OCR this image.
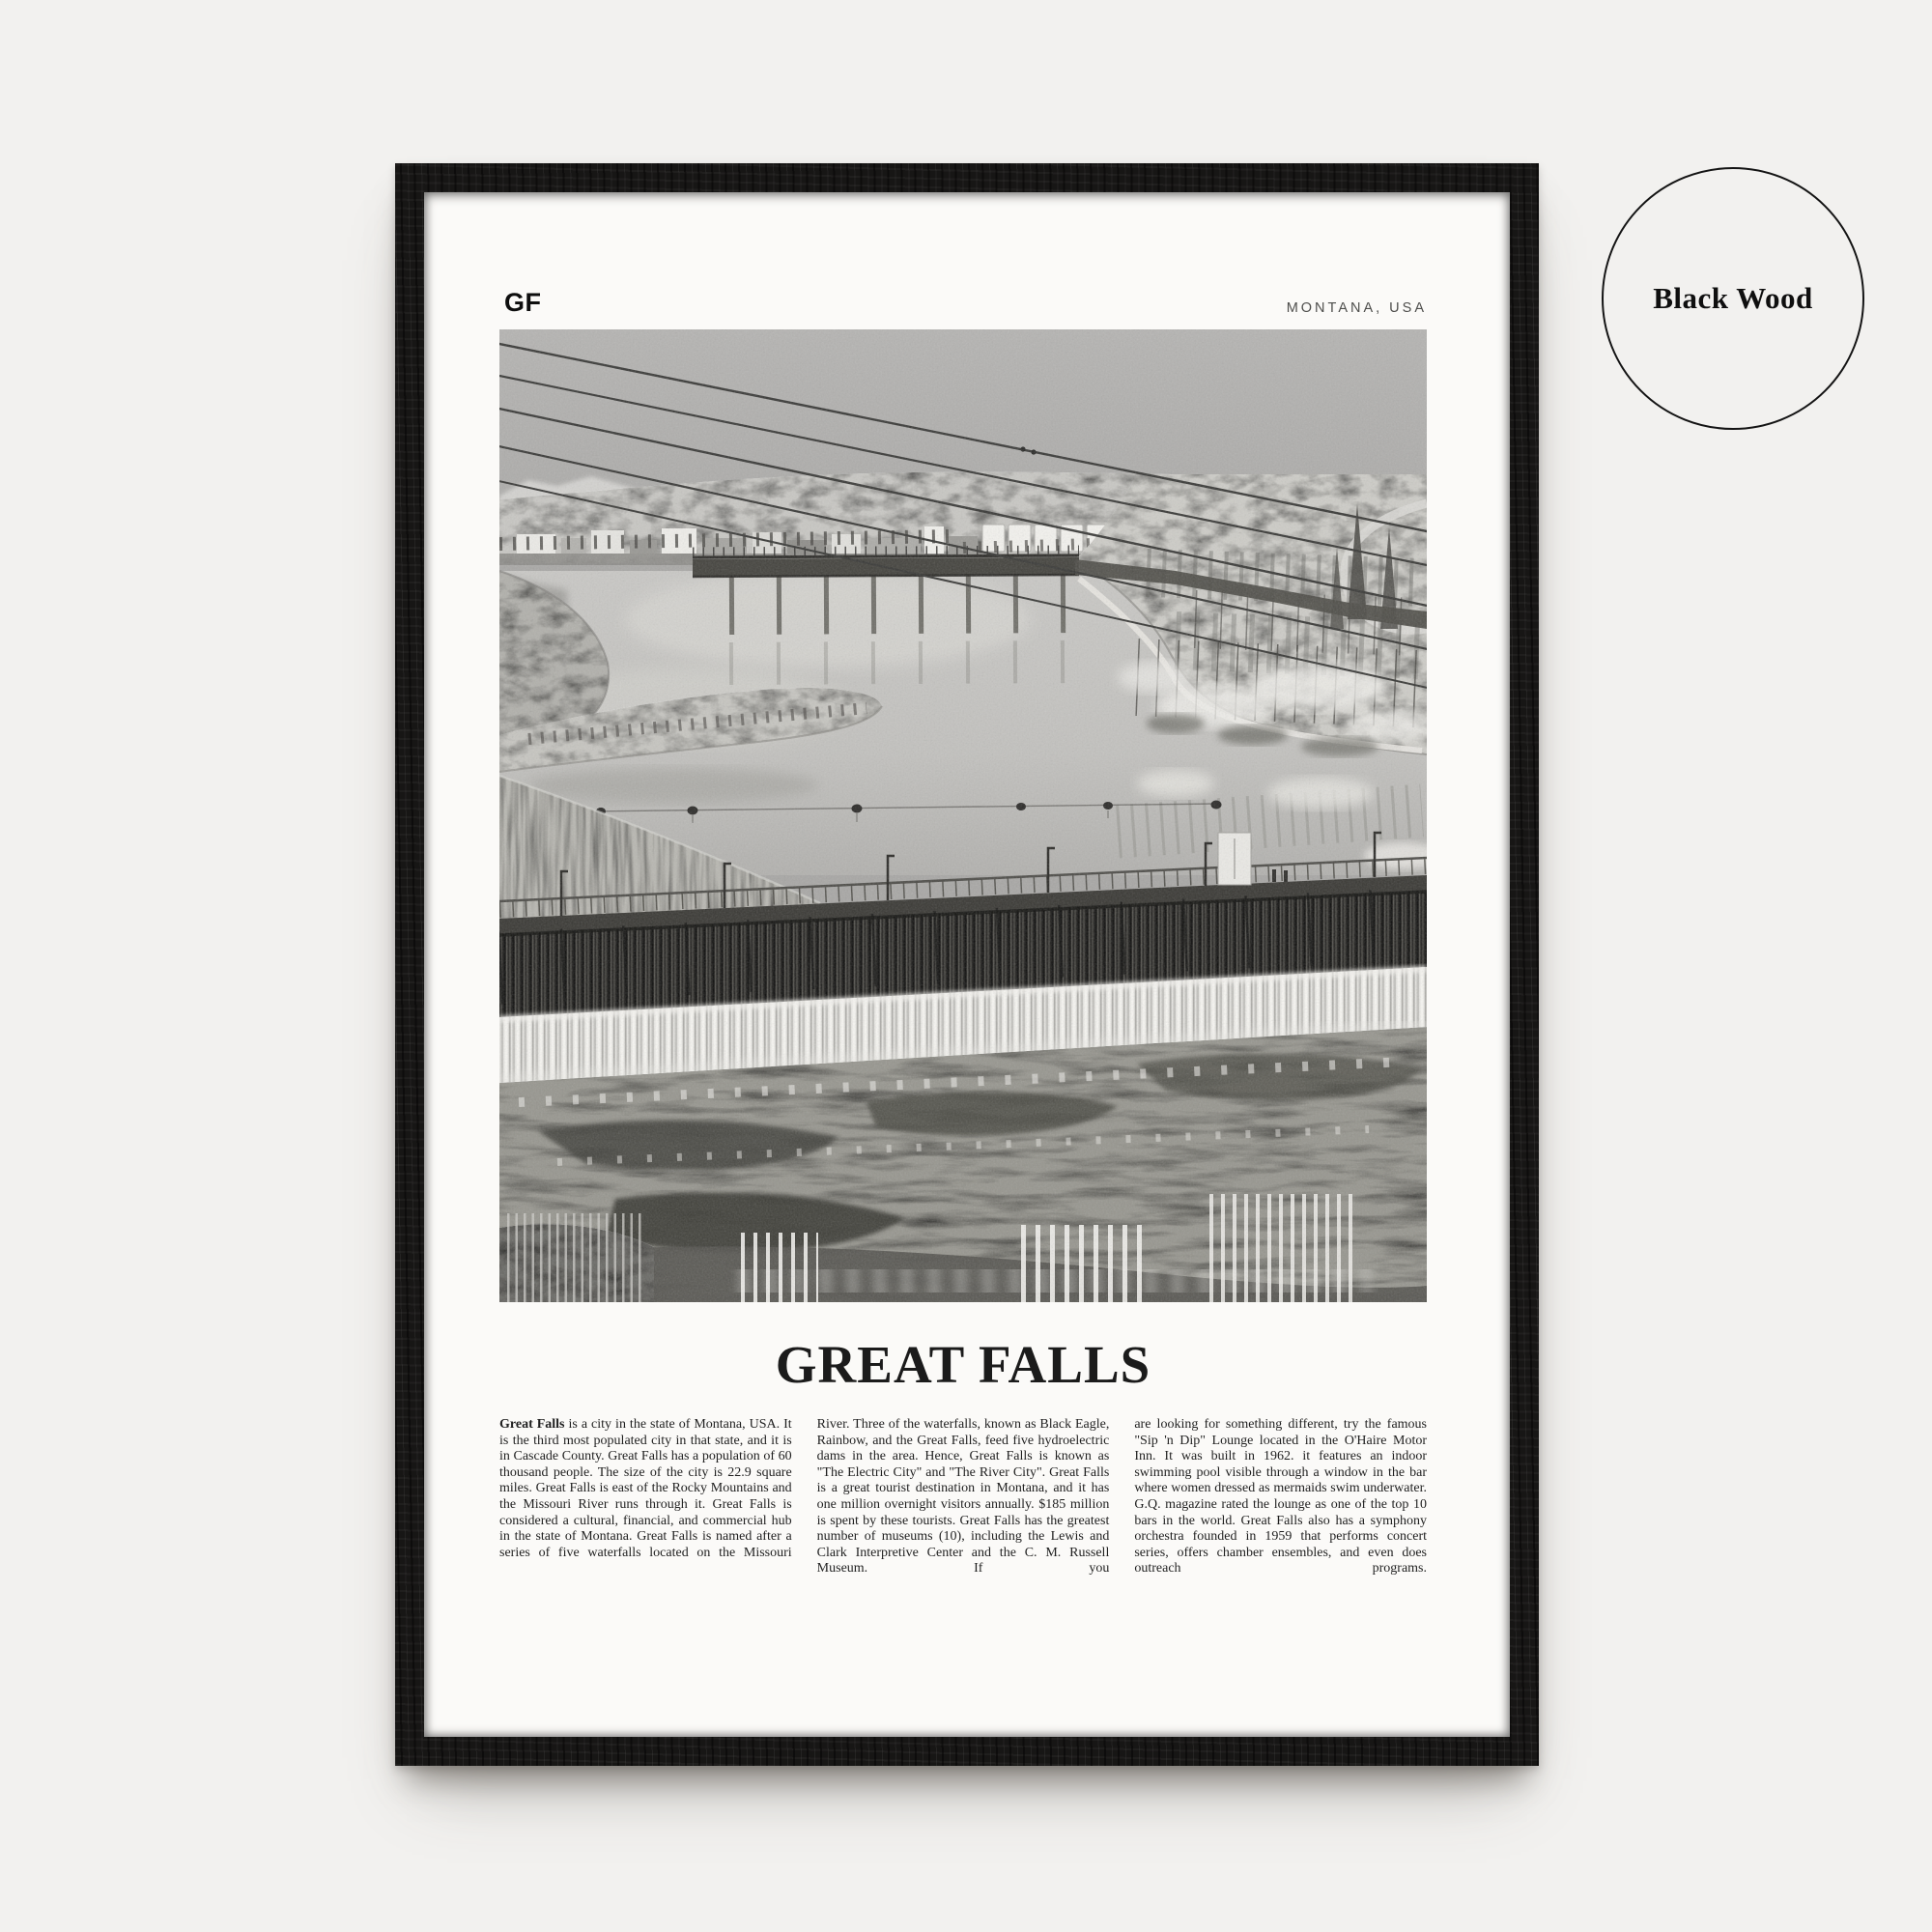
GF	MONTANA, USA
GREAT FALLS

Great Falls is a city in the state of Montana, USA. It is the third most populated city in that state, and it is in Cascade County. Great Falls has a population of 60 thousand people. The size of the city is 22.9 square miles. Great Falls is east of the Rocky Mountains and the Missouri River runs through it. Great Falls is considered a cultural, financial, and commercial hub in the state of Montana. Great Falls is named after a series of five waterfalls located on the Missouri

River. Three of the waterfalls, known as Black Eagle, Rainbow, and the Great Falls, feed five hydroelectric dams in the area. Hence, Great Falls is known as "The Electric City" and "The River City". Great Falls is a great tourist destination in Montana, and it has one million overnight visitors annually. $185 million is spent by these tourists. Great Falls has the greatest number of museums (10), including the Lewis and Clark Interpretive Center and the C. M. Russell Museum. If you

are looking for something different, try the famous "Sip 'n Dip" Lounge located in the O'Haire Motor Inn. It was built in 1962. it features an indoor swimming pool visible through a window in the bar where women dressed as mermaids swim underwater. G.Q. magazine rated the lounge as one of the top 10 bars in the world. Great Falls also has a symphony orchestra founded in 1959 that performs concert series, offers chamber ensembles, and even does outreach programs.

Black Wood
